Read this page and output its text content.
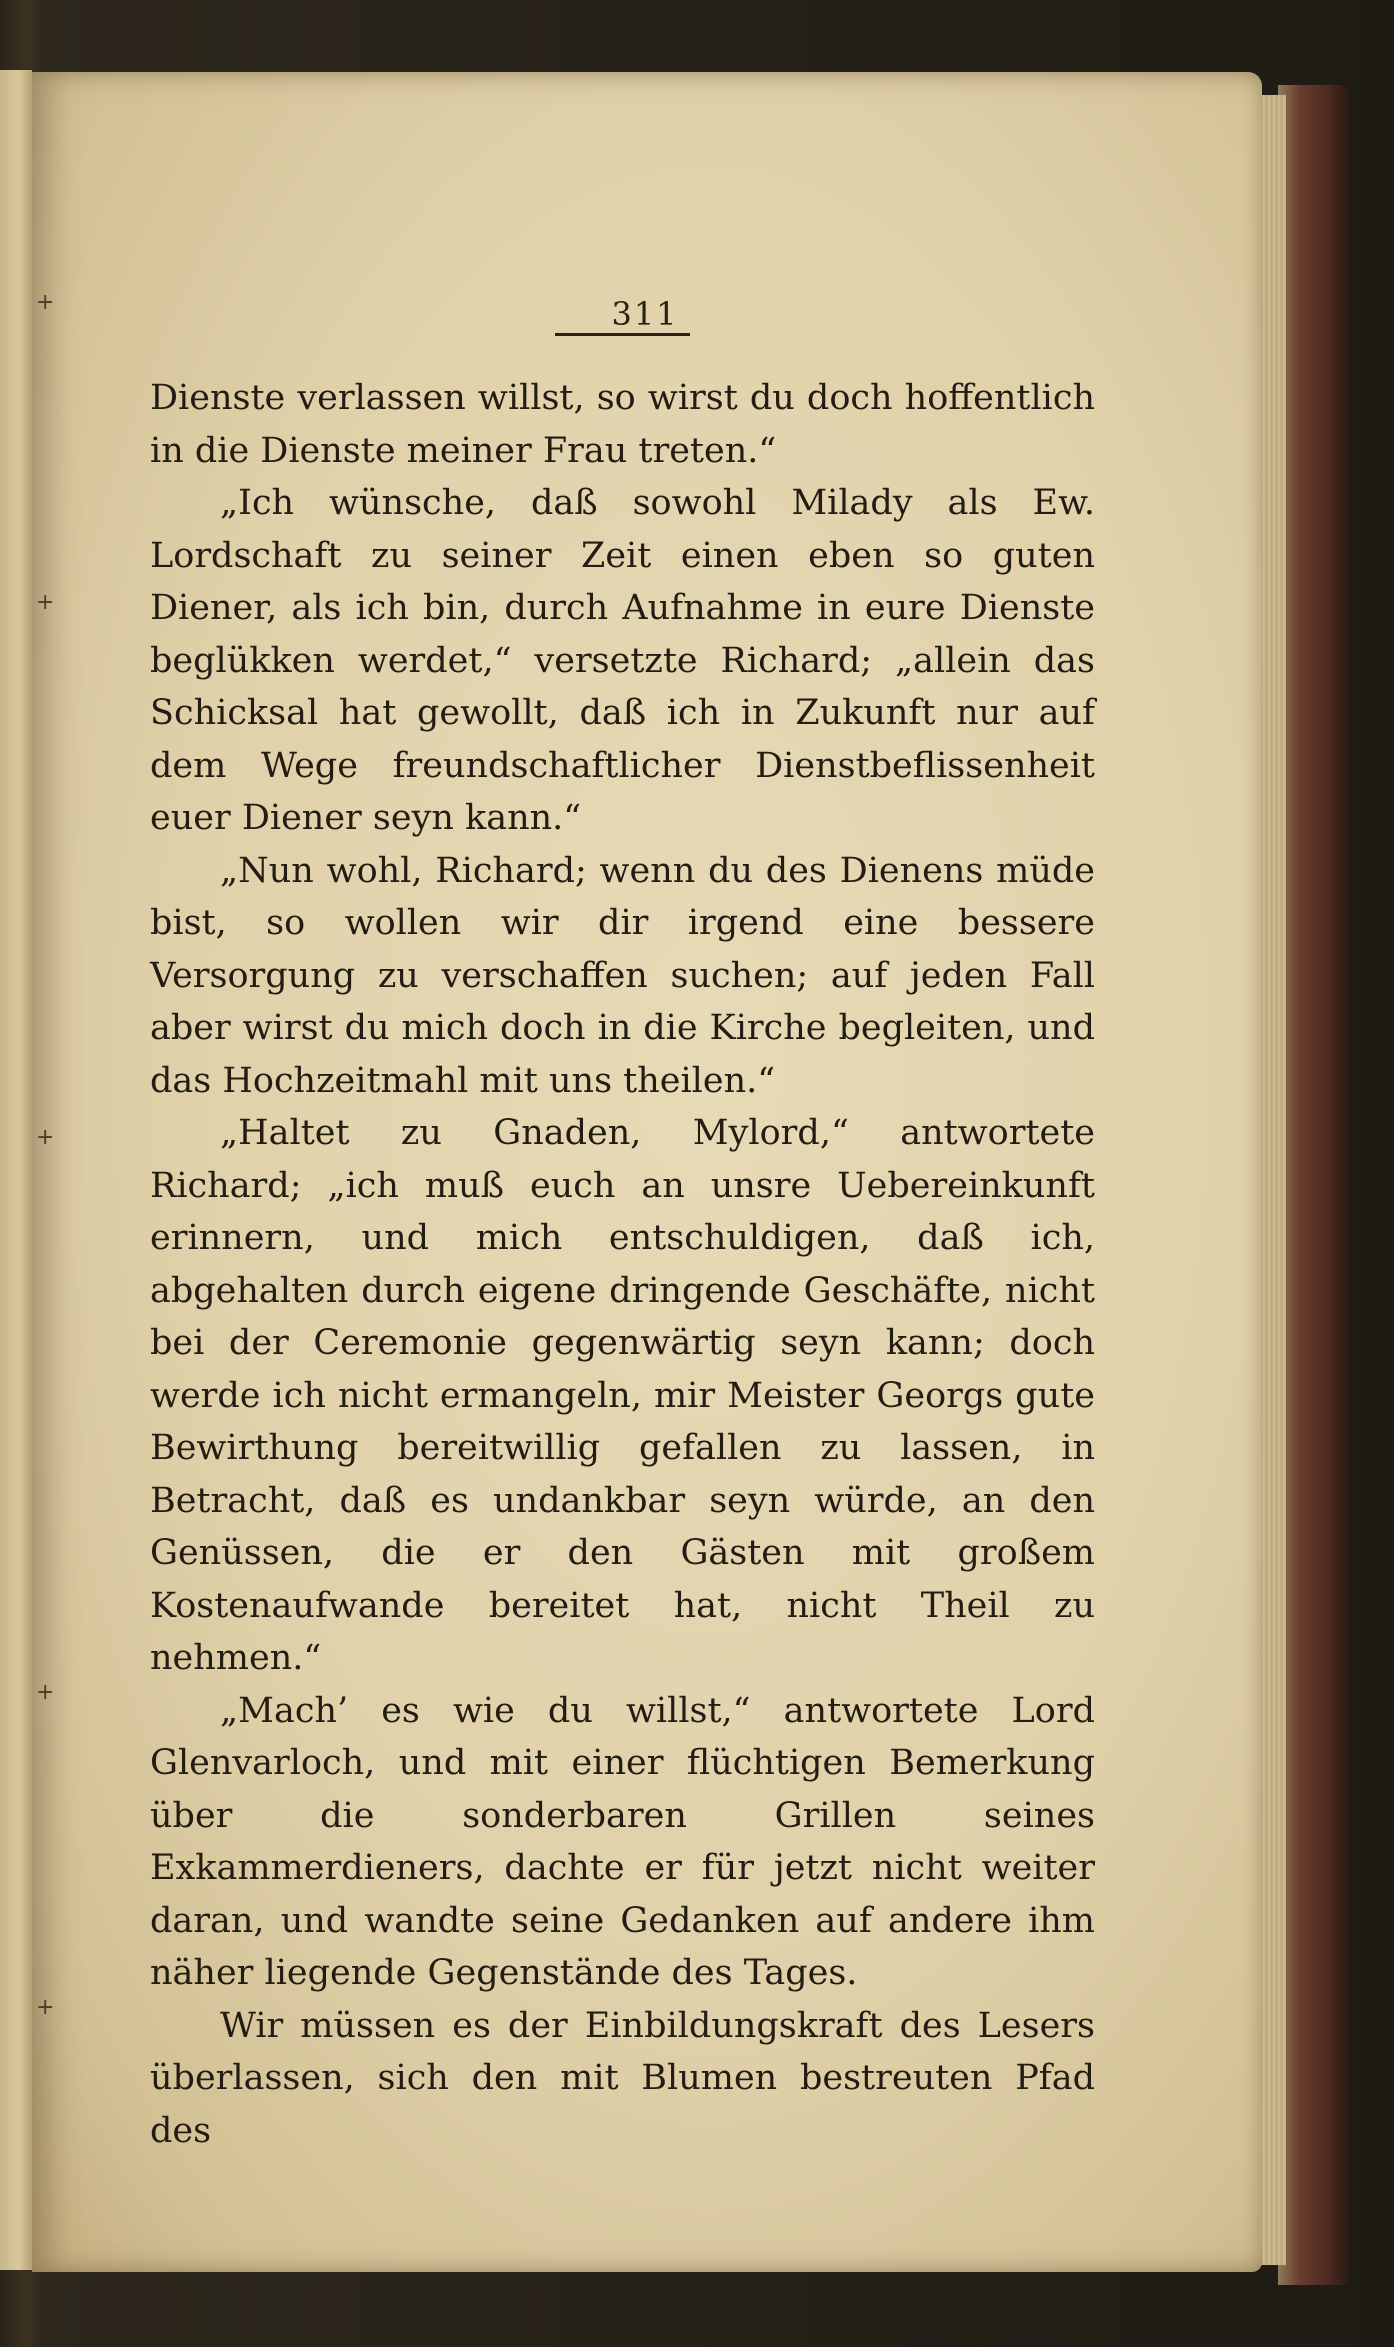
+
+
+
+
+
311

Dienste verlassen willst, so wirst du doch hoffentlich in die Dienste meiner Frau treten.“

„Ich wünsche, daß sowohl Milady als Ew. Lordschaft zu seiner Zeit einen eben so guten Diener, als ich bin, durch Aufnahme in eure Dienste beglükken werdet,“ versetzte Richard; „allein das Schicksal hat gewollt, daß ich in Zukunft nur auf dem Wege freundschaftlicher Dienstbeflissenheit euer Diener seyn kann.“

„Nun wohl, Richard; wenn du des Dienens müde bist, so wollen wir dir irgend eine bessere Versorgung zu verschaffen suchen; auf jeden Fall aber wirst du mich doch in die Kirche begleiten, und das Hochzeitmahl mit uns theilen.“

„Haltet zu Gnaden, Mylord,“ antwortete Richard; „ich muß euch an unsre Uebereinkunft erinnern, und mich entschuldigen, daß ich, abgehalten durch eigene dringende Geschäfte, nicht bei der Ceremonie gegenwärtig seyn kann; doch werde ich nicht ermangeln, mir Meister Georgs gute Bewirthung bereitwillig gefallen zu lassen, in Betracht, daß es undankbar seyn würde, an den Genüssen, die er den Gästen mit großem Kostenaufwande bereitet hat, nicht Theil zu nehmen.“

„Mach’ es wie du willst,“ antwortete Lord Glenvarloch, und mit einer flüchtigen Bemerkung über die sonderbaren Grillen seines Exkammerdieners, dachte er für jetzt nicht weiter daran, und wandte seine Gedanken auf andere ihm näher liegende Gegenstände des Tages.

Wir müssen es der Einbildungskraft des Lesers überlassen, sich den mit Blumen bestreuten Pfad des
